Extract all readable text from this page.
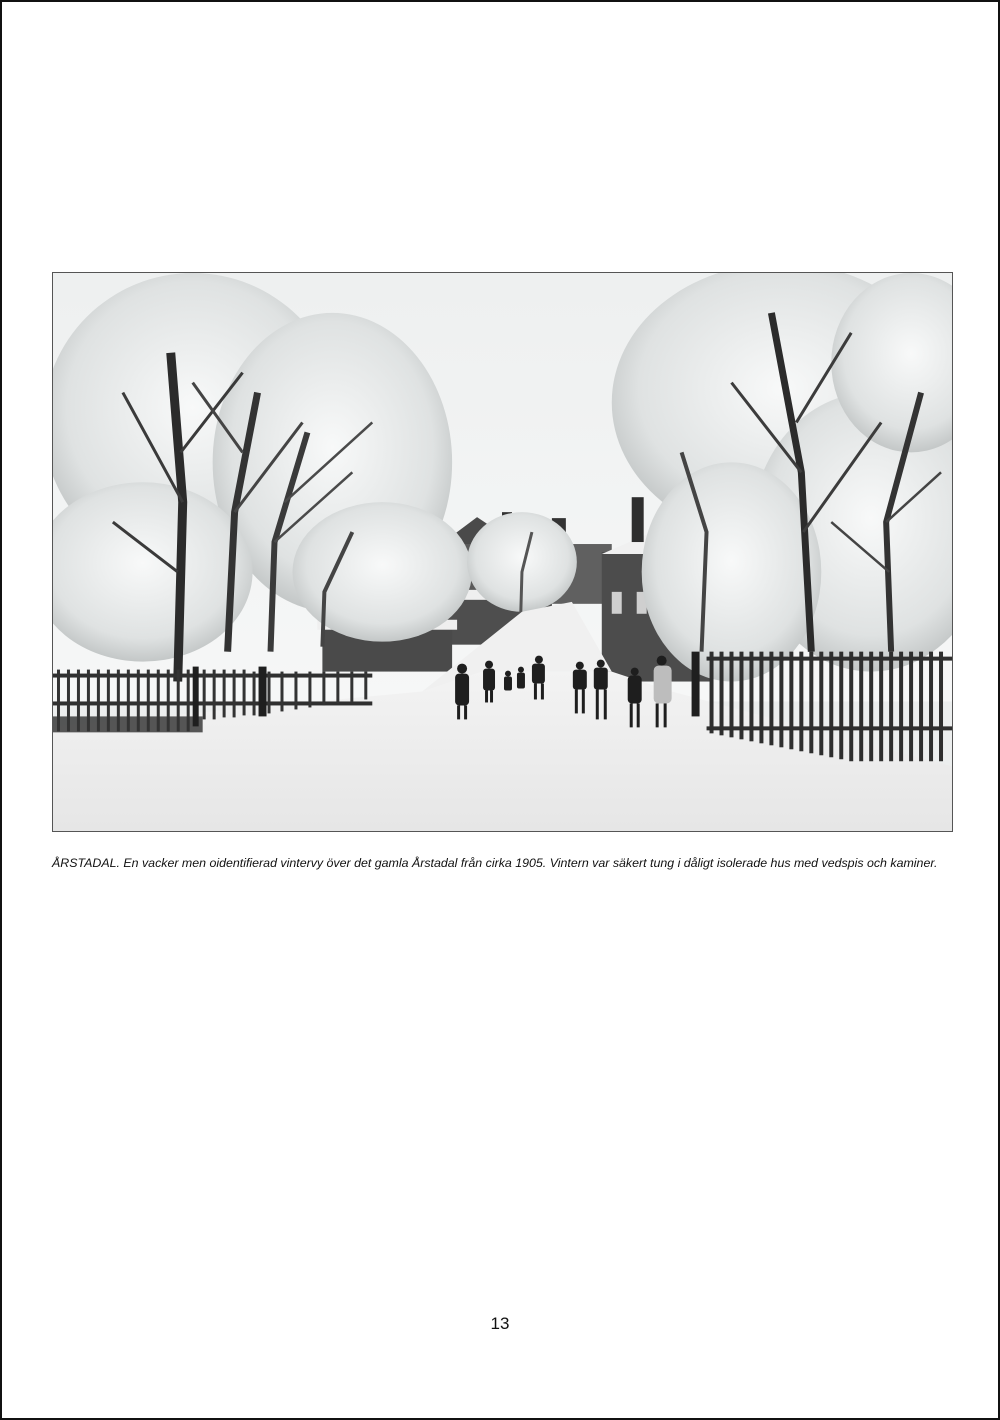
ÅRSTADAL. En vacker men oidentifierad vintervy över det gamla Årstadal från cirka 1905. Vintern var säkert tung i dåligt isolerade hus med vedspis och kaminer.

13
